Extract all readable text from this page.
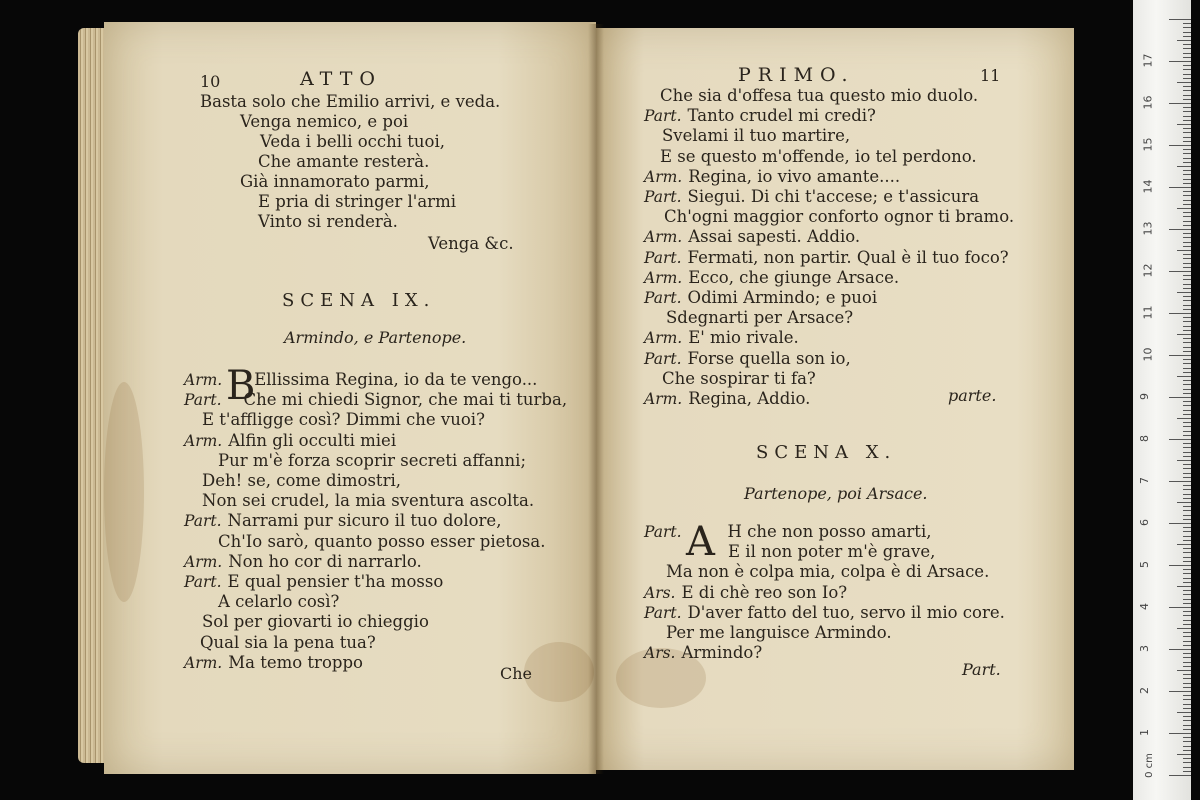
10	ATTO
Basta solo che Emilio arrivi, e veda.
Venga nemico, e poi
Veda i belli occhi tuoi,
Che amante resterà.
Già innamorato parmi,
E pria di stringer l'armi
Vinto si renderà.
Venga &c.
SCENA IX.
Armindo, e Partenope.
B
Arm. Ellissima Regina, io da te vengo...
Part. Che mi chiedi Signor, che mai ti turba,
E t'affligge così? Dimmi che vuoi?
Arm. Alfin gli occulti miei
Pur m'è forza scoprir secreti affanni;
Deh! se, come dimostri,
Non sei crudel, la mia sventura ascolta.
Part. Narrami pur sicuro il tuo dolore,
Ch'Io sarò, quanto posso esser pietosa.
Arm. Non ho cor di narrarlo.
Part. E qual pensier t'ha mosso
A celarlo così?
Sol per giovarti io chieggio
Qual sia la pena tua?
Arm. Ma temo troppo
Che
PRIMO.	11
Che sia d'offesa tua questo mio duolo.
Part. Tanto crudel mi credi?
Svelami il tuo martire,
E se questo m'offende, io tel perdono.
Arm. Regina, io vivo amante....
Part. Siegui. Di chi t'accese; e t'assicura
Ch'ogni maggior conforto ognor ti bramo.
Arm. Assai sapesti. Addio.
Part. Fermati, non partir. Qual è il tuo foco?
Arm. Ecco, che giunge Arsace.
Part. Odimi Armindo; e puoi
Sdegnarti per Arsace?
Arm. E' mio rivale.
Part. Forse quella son io,
Che sospirar ti fa?
Arm. Regina, Addio.	parte.
SCENA X.
Partenope, poi Arsace.
A
Part.	H che non posso amarti,
E il non poter m'è grave,
Ma non è colpa mia, colpa è di Arsace.
Ars. E di chè reo son Io?
Part. D'aver fatto del tuo, servo il mio core.
Per me languisce Armindo.
Ars. Armindo?
Part.
0 cm
1
2
3
4
5
6
7
8
9
10
11
12
13
14
15
16
17
